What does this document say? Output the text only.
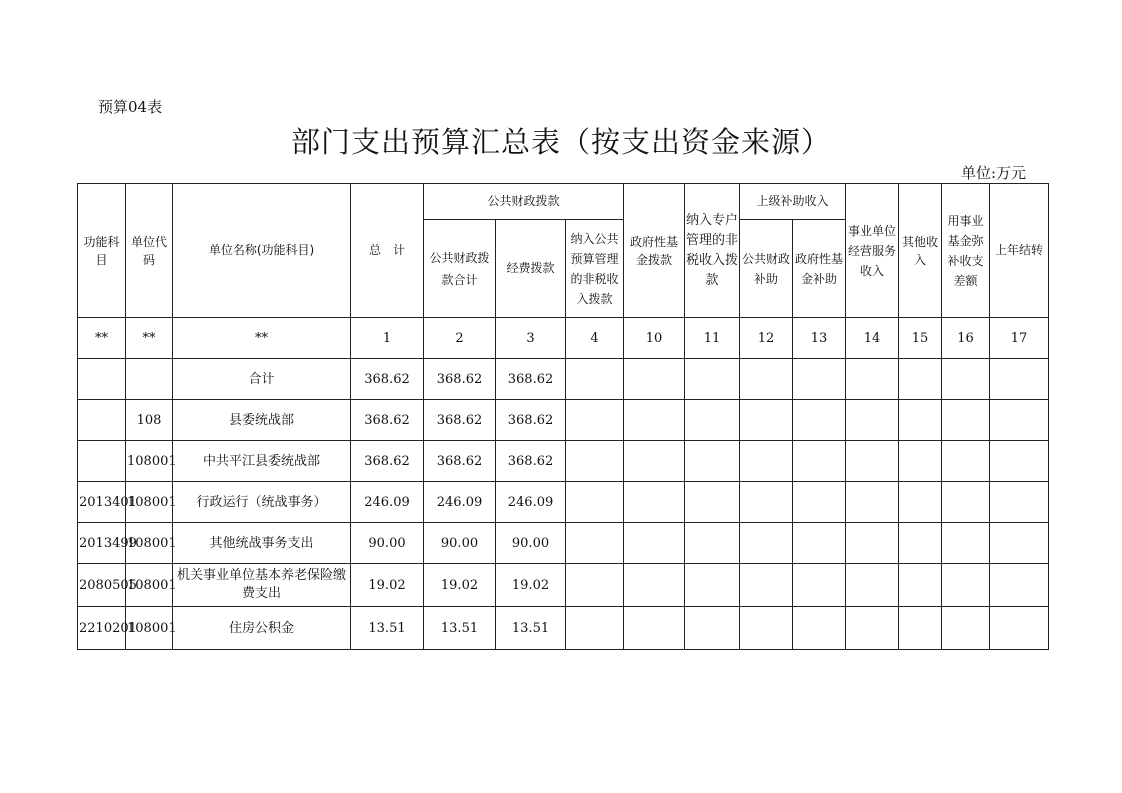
预算04表
部门支出预算汇总表（按支出资金来源）
单位:万元
功能科目	单位代码	单位名称(功能科目)	总　计	公共财政拨款			政府性基金拨款	纳入专户管理的非税收入拨款	上级补助收入		事业单位经营服务收入	其他收入	用事业基金弥补收支差额	上年结转

				公共财政拨款合计	经费拨款	纳入公共预算管理的非税收入拨款			公共财政补助	政府性基金补助				

**	**	**	1	2	3	4	10	11	12	13	14	15	16	17
		合计	368.62	368.62	368.62									
	108	县委统战部	368.62	368.62	368.62									
	108001	中共平江县委统战部	368.62	368.62	368.62									
2013401	108001	行政运行（统战事务）	246.09	246.09	246.09									
2013499	108001	其他统战事务支出	90.00	90.00	90.00									
2080505	108001	机关事业单位基本养老保险缴费支出	19.02	19.02	19.02									
2210201	108001	住房公积金	13.51	13.51	13.51									
